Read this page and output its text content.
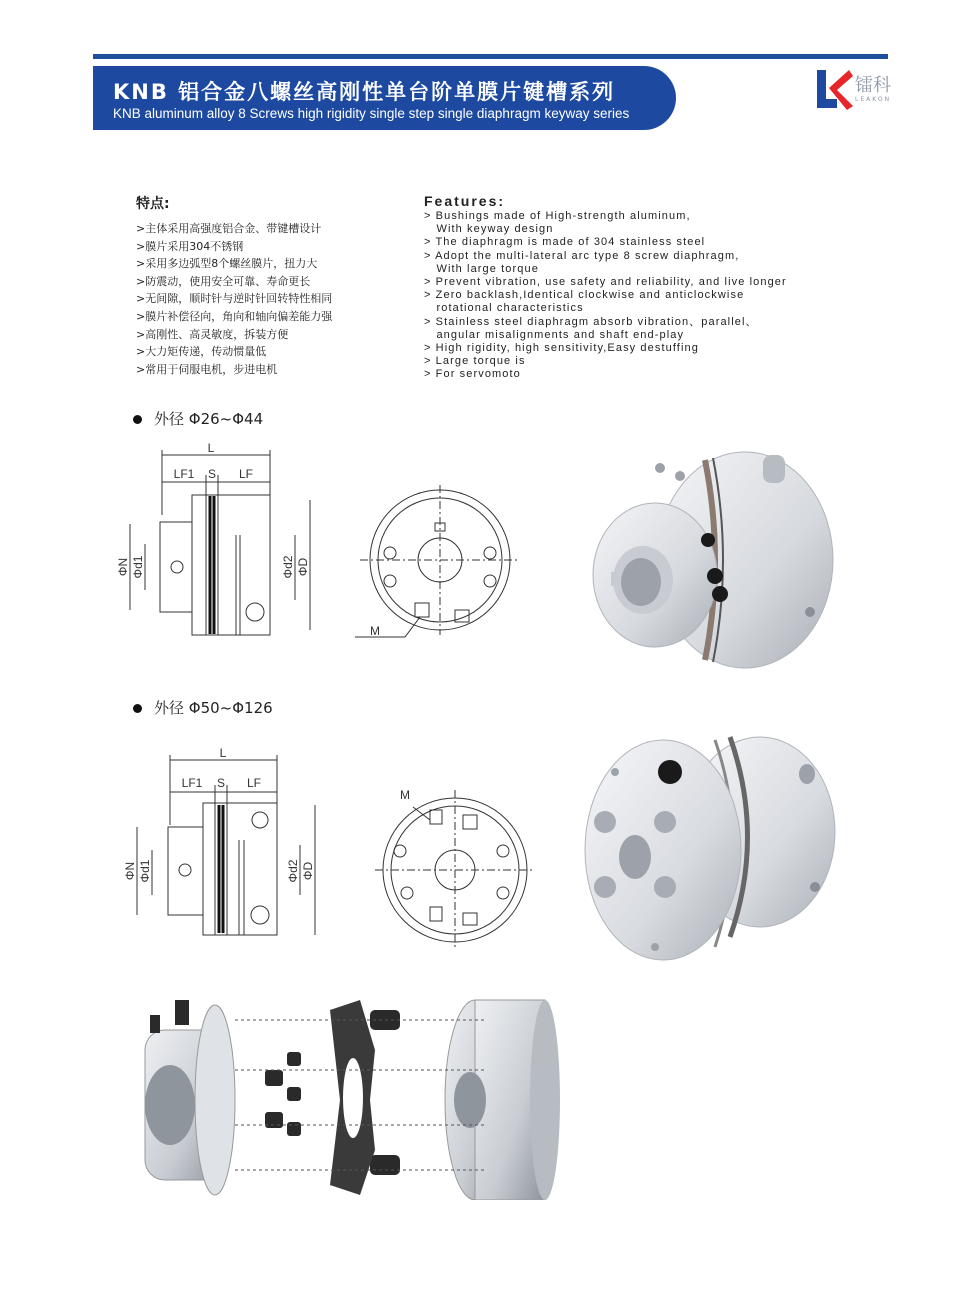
KNB 铝合金八螺丝高刚性单台阶单膜片键槽系列
KNB aluminum alloy 8 Screws high rigidity single step single diaphragm keyway series
镭科
LEAKON
特点:
>主体采用高强度铝合金、带键槽设计
>膜片采用304不锈钢
>采用多边弧型8个螺丝膜片，扭力大
>防震动，使用安全可靠、寿命更长
>无间隙，顺时针与逆时针回转特性相同
>膜片补偿径向，角向和轴向偏差能力强
>高刚性、高灵敏度，拆装方便
>大力矩传递，传动惯量低
>常用于伺服电机，步进电机
Features:
> Bushings made of High-strength aluminum,
With keyway design
> The diaphragm is made of 304 stainless steel
> Adopt the multi-lateral arc type 8 screw diaphragm,
With large torque
> Prevent vibration, use safety and reliability, and live longer
> Zero backlash,Identical clockwise and anticlockwise
rotational characteristics
> Stainless steel diaphragm absorb vibration、parallel、
angular misalignments and shaft end-play
> High rigidity, high sensitivity,Easy destuffing
> Large torque is
> For servomoto
外径 Φ26~Φ44
L
LF1 S LF
ΦN Φd1	Φd2 ΦD
M
外径 Φ50~Φ126
L
LF1 S LF
ΦN Φd1	Φd2 ΦD
M
